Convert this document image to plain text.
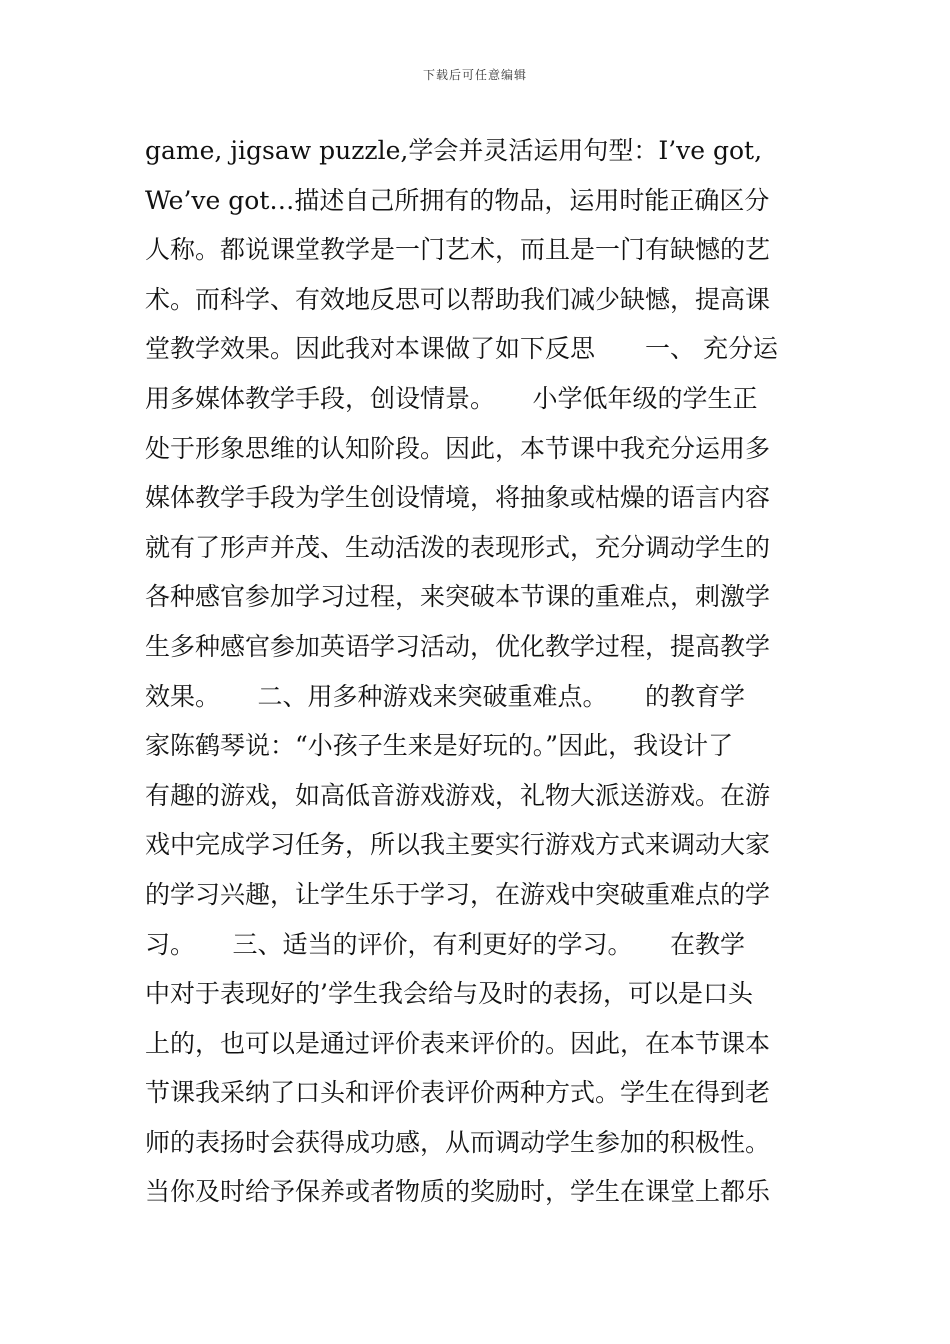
下载后可任意编辑
game, jigsaw puzzle,学会并灵活运用句型：I’ve got,
We’ve got…描述自己所拥有的物品，运用时能正确区分
人称。都说课堂教学是一门艺术，而且是一门有缺憾的艺
术。而科学、有效地反思可以帮助我们减少缺憾，提高课
堂教学效果。因此我对本课做了如下反思　　一、 充分运
用多媒体教学手段，创设情景。　　小学低年级的学生正
处于形象思维的认知阶段。因此，本节课中我充分运用多
媒体教学手段为学生创设情境，将抽象或枯燥的语言内容
就有了形声并茂、生动活泼的表现形式，充分调动学生的
各种感官参加学习过程，来突破本节课的重难点，刺激学
生多种感官参加英语学习活动，优化教学过程，提高教学
效果。　　二、用多种游戏来突破重难点。　　的教育学
家陈鹤琴说：“小孩子生来是好玩的。”因此，我设计了
有趣的游戏，如高低音游戏游戏，礼物大派送游戏。在游
戏中完成学习任务，所以我主要实行游戏方式来调动大家
的学习兴趣，让学生乐于学习，在游戏中突破重难点的学
习。　　三、适当的评价，有利更好的学习。　　在教学
中对于表现好的’学生我会给与及时的表扬，可以是口头
上的，也可以是通过评价表来评价的。因此，在本节课本
节课我采纳了口头和评价表评价两种方式。学生在得到老
师的表扬时会获得成功感，从而调动学生参加的积极性。
当你及时给予保养或者物质的奖励时，学生在课堂上都乐
